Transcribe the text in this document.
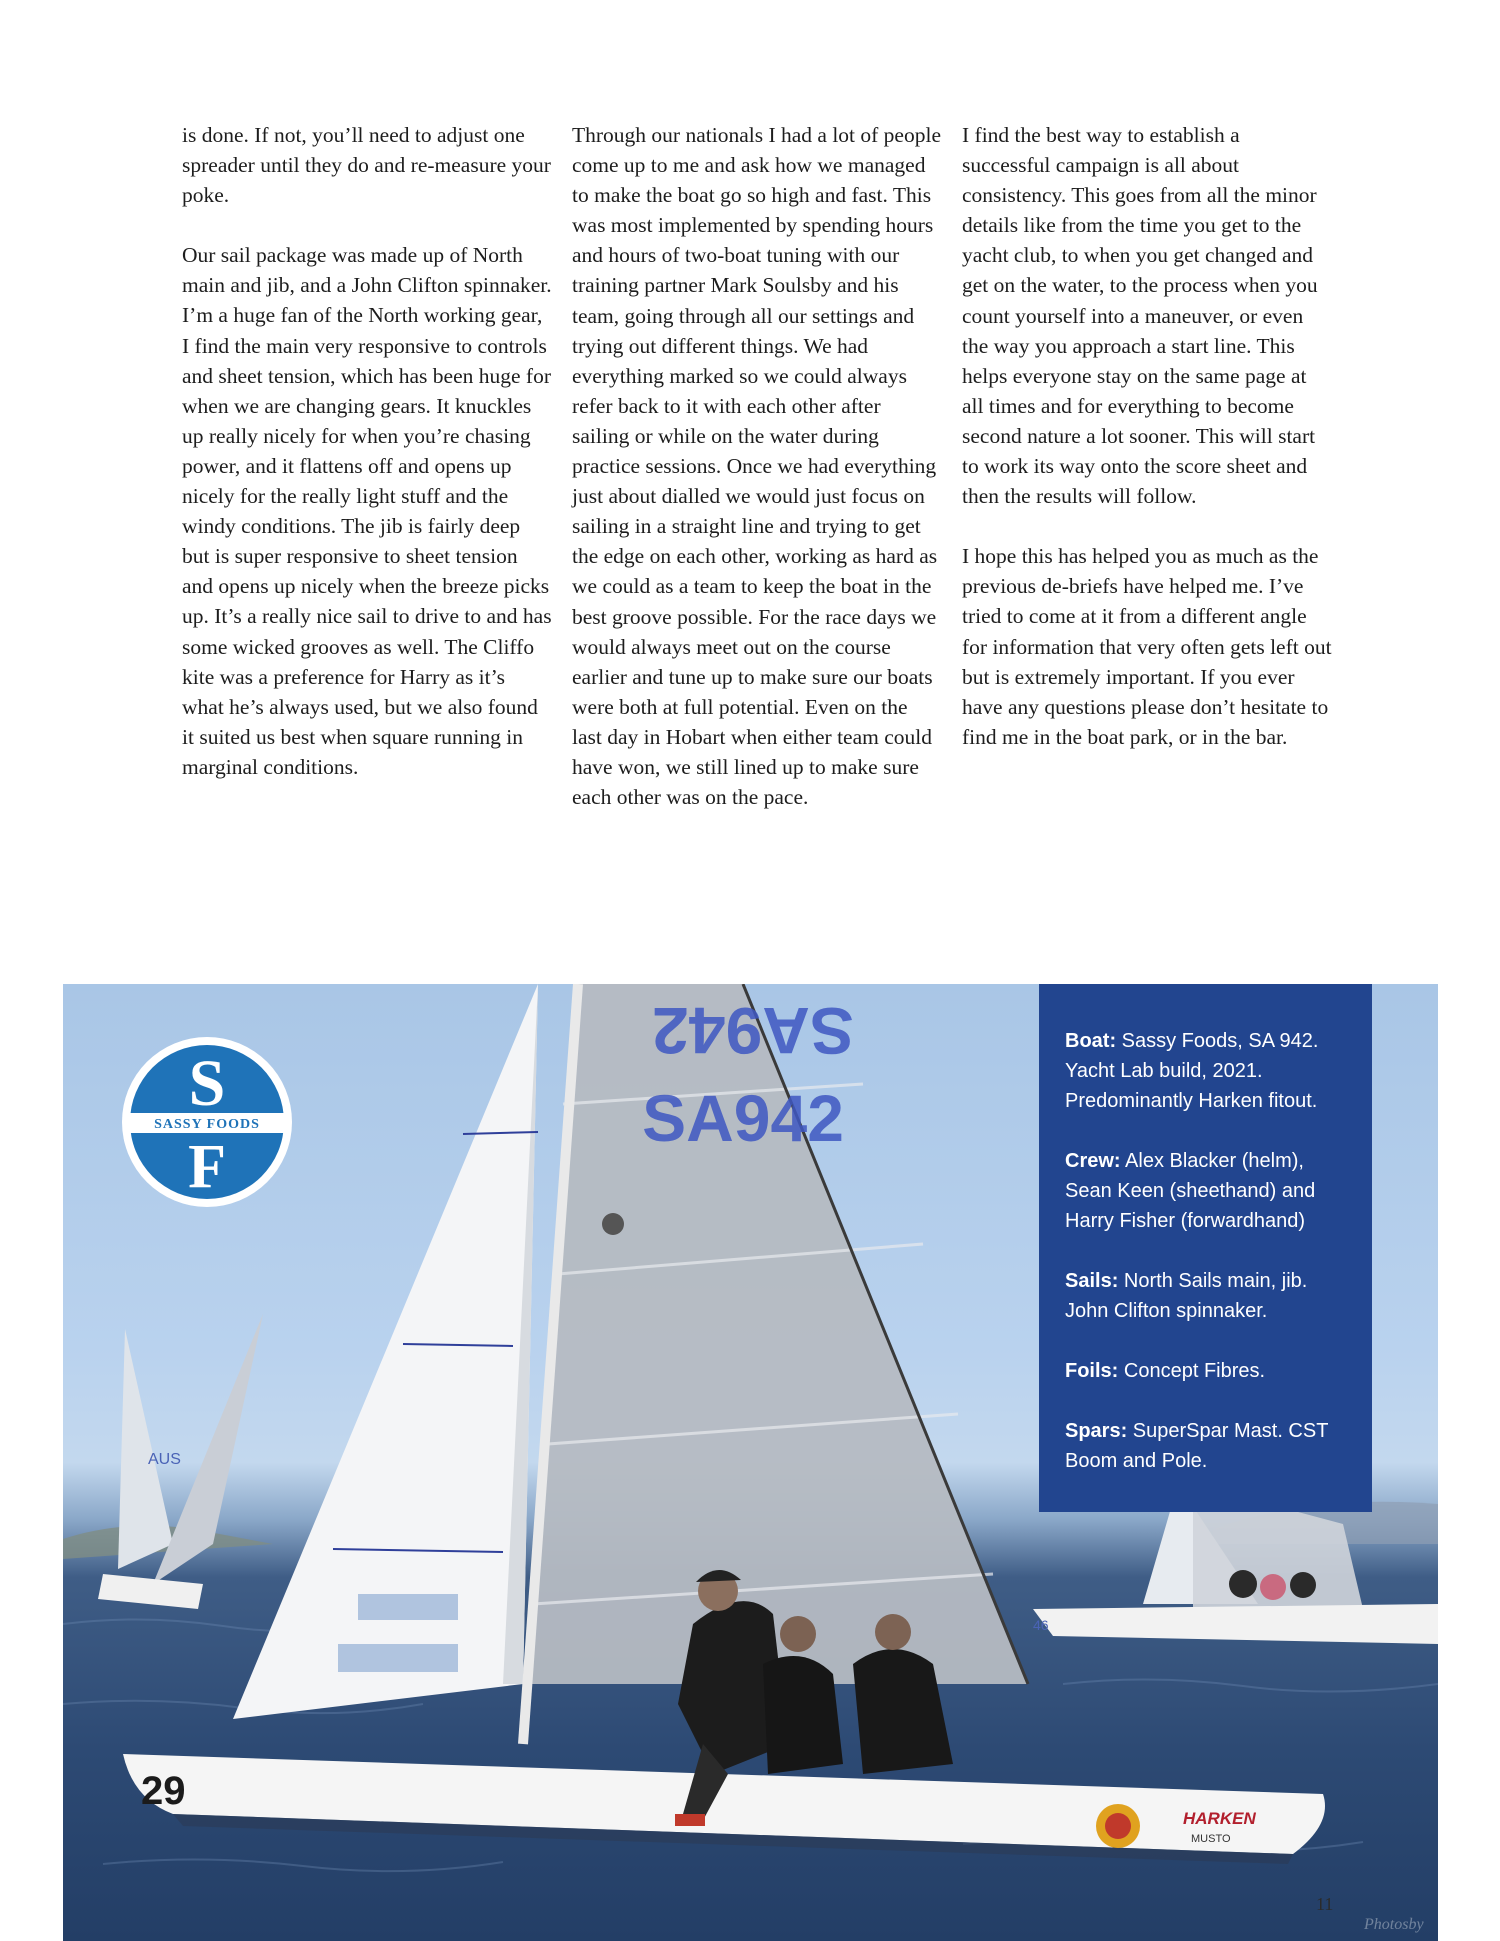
is done. If not, you’ll need to adjust one spreader until they do and re-measure your poke.

Our sail package was made up of North main and jib, and a John Clifton spinnaker. I’m a huge fan of the North working gear, I find the main very responsive to controls and sheet tension, which has been huge for when we are changing gears. It knuckles up really nicely for when you’re chasing power, and it flattens off and opens up nicely for the really light stuff and the windy conditions. The jib is fairly deep but is super responsive to sheet tension and opens up nicely when the breeze picks up. It’s a really nice sail to drive to and has some wicked grooves as well. The Cliffo kite was a preference for Harry as it’s what he’s always used, but we also found it suited us best when square running in marginal conditions.

Through our nationals I had a lot of people come up to me and ask how we managed to make the boat go so high and fast. This was most implemented by spending hours and hours of two-boat tuning with our training partner Mark Soulsby and his team, going through all our settings and trying out different things. We had everything marked so we could always refer back to it with each other after sailing or while on the water during practice sessions. Once we had everything just about dialled we would just focus on sailing in a straight line and trying to get the edge on each other, working as hard as we could as a team to keep the boat in the best groove possible. For the race days we would always meet out on the course earlier and tune up to make sure our boats were both at full potential. Even on the last day in Hobart when either team could have won, we still lined up to make sure each other was on the pace.

I find the best way to establish a successful campaign is all about consistency. This goes from all the minor details like from the time you get to the yacht club, to when you get changed and get on the water, to the process when you count yourself into a maneuver, or even the way you approach a start line. This helps everyone stay on the same page at all times and for everything to become second nature a lot sooner. This will start to work its way onto the score sheet and then the results will follow.

I hope this has helped you as much as the previous de-briefs have helped me. I’ve tried to come at it from a different angle for information that very often gets left out but is extremely important. If you ever have any questions please don’t hesitate to find me in the boat park, or in the bar.

AUS
46
SA942
SA942
29
HARKEN
MUSTO
S
SASSY FOODS
F

Boat: Sassy Foods, SA 942. Yacht Lab build, 2021. Predominantly Harken fitout.

Crew: Alex Blacker (helm), Sean Keen (sheethand) and Harry Fisher (forwardhand)

Sails: North Sails main, jib. John Clifton spinnaker.

Foils: Concept Fibres.

Spars: SuperSpar Mast. CST Boom and Pole.

11
Photosby
